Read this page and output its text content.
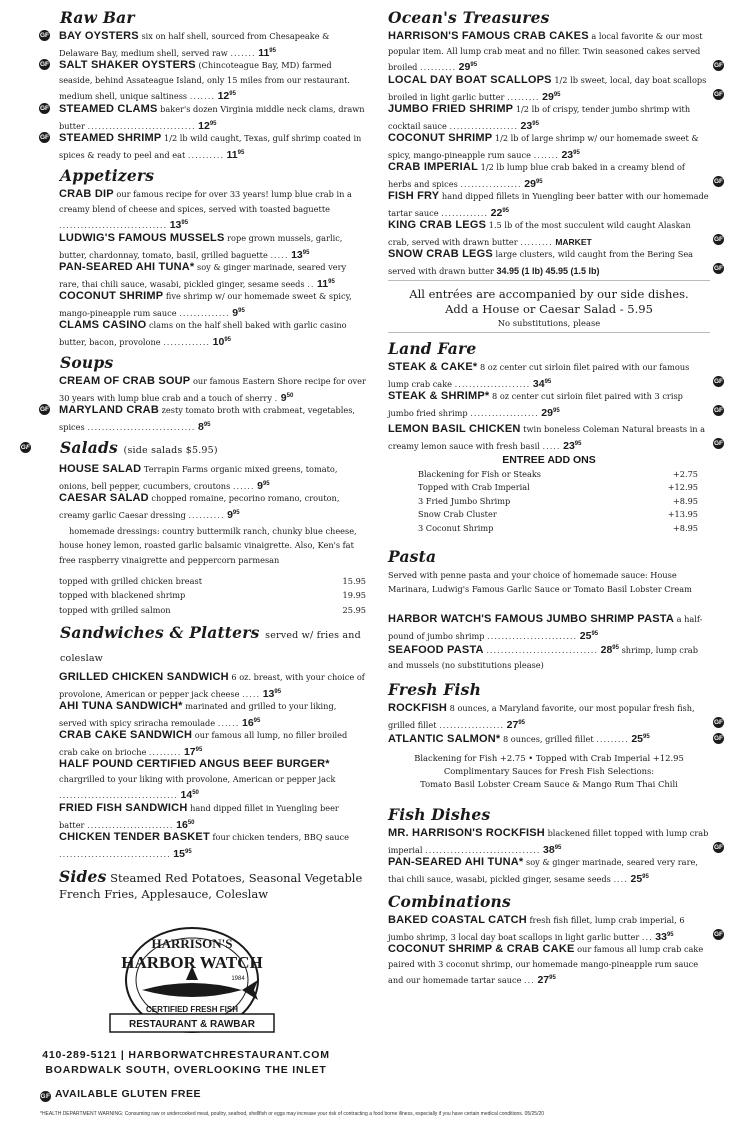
Raw Bar
GF BAY OYSTERS six on half shell, sourced from Chesapeake & Delaware Bay, medium shell, served raw ....... $11^{95}$
GF SALT SHAKER OYSTERS (Chincoteague Bay, MD) farmed seaside, behind Assateague Island, only 15 miles from our restaurant. medium shell, unique saltiness ....... $12^{95}$
GF STEAMED CLAMS baker's dozen Virginia middle neck clams, drawn butter .............................. $12^{95}$
GF STEAMED SHRIMP 1/2 lb wild caught, Texas, gulf shrimp coated in spices & ready to peel and eat .......... $11^{95}$
Appetizers
CRAB DIP our famous recipe for over 33 years! lump blue crab in a creamy blend of cheese and spices, served with toasted baguette .............................. $13^{95}$
LUDWIG'S FAMOUS MUSSELS rope grown mussels, garlic, butter, chardonnay, tomato, basil, grilled baguette ..... $13^{95}$
PAN-SEARED AHI TUNA* soy & ginger marinade, seared very rare, thai chili sauce, wasabi, pickled ginger, sesame seeds .. $11^{95}$
COCONUT SHRIMP five shrimp w/ our homemade sweet & spicy, mango-pineapple rum sauce .............. $9^{95}$
CLAMS CASINO clams on the half shell baked with garlic casino butter, bacon, provolone ............. $10^{95}$
Soups
CREAM OF CRAB SOUP our famous Eastern Shore recipe for over 30 years with lump blue crab and a touch of sherry . $9^{50}$
GF MARYLAND CRAB zesty tomato broth with crabmeat, vegetables, spices .............................. $8^{95}$
GF Salads (side salads $5.95)
HOUSE SALAD Terrapin Farms organic mixed greens, tomato, onions, bell pepper, cucumbers, croutons ...... $9^{95}$
CAESAR SALAD chopped romaine, pecorino romano, crouton, creamy garlic Caesar dressing .......... $9^{95}$
homemade dressings: country buttermilk ranch, chunky blue cheese, house honey lemon, roasted garlic balsamic vinaigrette. Also, Ken's fat free raspberry vinaigrette and peppercorn parmesan
topped with grilled chicken breast	15.95
topped with blackened shrimp	19.95
topped with grilled salmon	25.95
Sandwiches & Platters served w/ fries and coleslaw
GRILLED CHICKEN SANDWICH 6 oz. breast, with your choice of provolone, American or pepper jack cheese ..... $13^{95}$
AHI TUNA SANDWICH* marinated and grilled to your liking, served with spicy sriracha remoulade ...... $16^{95}$
CRAB CAKE SANDWICH our famous all lump, no filler broiled crab cake on brioche ......... $17^{95}$
HALF POUND CERTIFIED ANGUS BEEF BURGER* chargrilled to your liking with provolone, American or pepper jack ................................. $14^{50}$
FRIED FISH SANDWICH hand dipped fillet in Yuengling beer batter ........................ $16^{50}$
CHICKEN TENDER BASKET four chicken tenders, BBQ sauce ............................... $15^{95}$
Sides Steamed Red Potatoes, Seasonal Vegetable French Fries, Applesauce, Coleslaw
HARRISON'S
HARBOR WATCH
CERTIFIED FRESH FISH
1984
RESTAURANT & RAWBAR
410-289-5121 | HARBORWATCHRESTAURANT.COM
BOARDWALK SOUTH, OVERLOOKING THE INLET
GF AVAILABLE GLUTEN FREE
*HEALTH DEPARTMENT WARNING: Consuming raw or undercooked meat, poultry, seafood, shellfish or eggs may increase your risk of contracting a food borne illness, especially if you have certain medical conditions. 05/25/20
Ocean's Treasures
HARRISON'S FAMOUS CRAB CAKES a local favorite & our most popular item. All lump crab meat and no filler. Twin seasoned cakes served broiled .......... $29^{95}$	GF
LOCAL DAY BOAT SCALLOPS 1/2 lb sweet, local, day boat scallops broiled in light garlic butter ......... $29^{95}$	GF
JUMBO FRIED SHRIMP 1/2 lb of crispy, tender jumbo shrimp with cocktail sauce ................... $23^{95}$
COCONUT SHRIMP 1/2 lb of large shrimp w/ our homemade sweet & spicy, mango-pineapple rum sauce ....... $23^{95}$
CRAB IMPERIAL 1/2 lb lump blue crab baked in a creamy blend of herbs and spices ................. $29^{95}$	GF
FISH FRY hand dipped fillets in Yuengling beer batter with our homemade tartar sauce ............. $22^{95}$
KING CRAB LEGS 1.5 lb of the most succulent wild caught Alaskan crab, served with drawn butter ......... MARKET	GF
SNOW CRAB LEGS large clusters, wild caught from the Bering Sea served with drawn butter 34.95 (1 lb) 45.95 (1.5 lb)	GF
All entrées are accompanied by our side dishes.
Add a House or Caesar Salad - 5.95
No substitutions, please
Land Fare
STEAK & CAKE* 8 oz center cut sirloin filet paired with our famous lump crab cake ..................... $34^{95}$	GF
STEAK & SHRIMP* 8 oz center cut sirloin filet paired with 3 crisp jumbo fried shrimp ................... $29^{95}$	GF
LEMON BASIL CHICKEN twin boneless Coleman Natural breasts in a creamy lemon sauce with fresh basil ..... $23^{95}$	GF
ENTREE ADD ONS
Blackening for Fish or Steaks	+2.75
Topped with Crab Imperial	+12.95
3 Fried Jumbo Shrimp	+8.95
Snow Crab Cluster	+13.95
3 Coconut Shrimp	+8.95
Pasta
Served with penne pasta and your choice of homemade sauce: House Marinara, Ludwig's Famous Garlic Sauce or Tomato Basil Lobster Cream
HARBOR WATCH'S FAMOUS JUMBO SHRIMP PASTA a half-pound of jumbo shrimp ......................... $25^{95}$
SEAFOOD PASTA ............................... $28^{95}$ shrimp, lump crab and mussels (no substitutions please)
Fresh Fish
ROCKFISH 8 ounces, a Maryland favorite, our most popular fresh fish, grilled fillet .................. $27^{95}$	GF
ATLANTIC SALMON* 8 ounces, grilled fillet ......... $25^{95}$	GF
Blackening for Fish +2.75 • Topped with Crab Imperial +12.95
Complimentary Sauces for Fresh Fish Selections:
Tomato Basil Lobster Cream Sauce & Mango Rum Thai Chili
Fish Dishes
MR. HARRISON'S ROCKFISH blackened fillet topped with lump crab imperial ................................ $38^{95}$	GF
PAN-SEARED AHI TUNA* soy & ginger marinade, seared very rare, thai chili sauce, wasabi, pickled ginger, sesame seeds .... $25^{95}$
Combinations
BAKED COASTAL CATCH fresh fish fillet, lump crab imperial, 6 jumbo shrimp, 3 local day boat scallops in light garlic butter ... $33^{95}$	GF
COCONUT SHRIMP & CRAB CAKE our famous all lump crab cake paired with 3 coconut shrimp, our homemade mango-pineapple rum sauce and our homemade tartar sauce ... $27^{95}$
